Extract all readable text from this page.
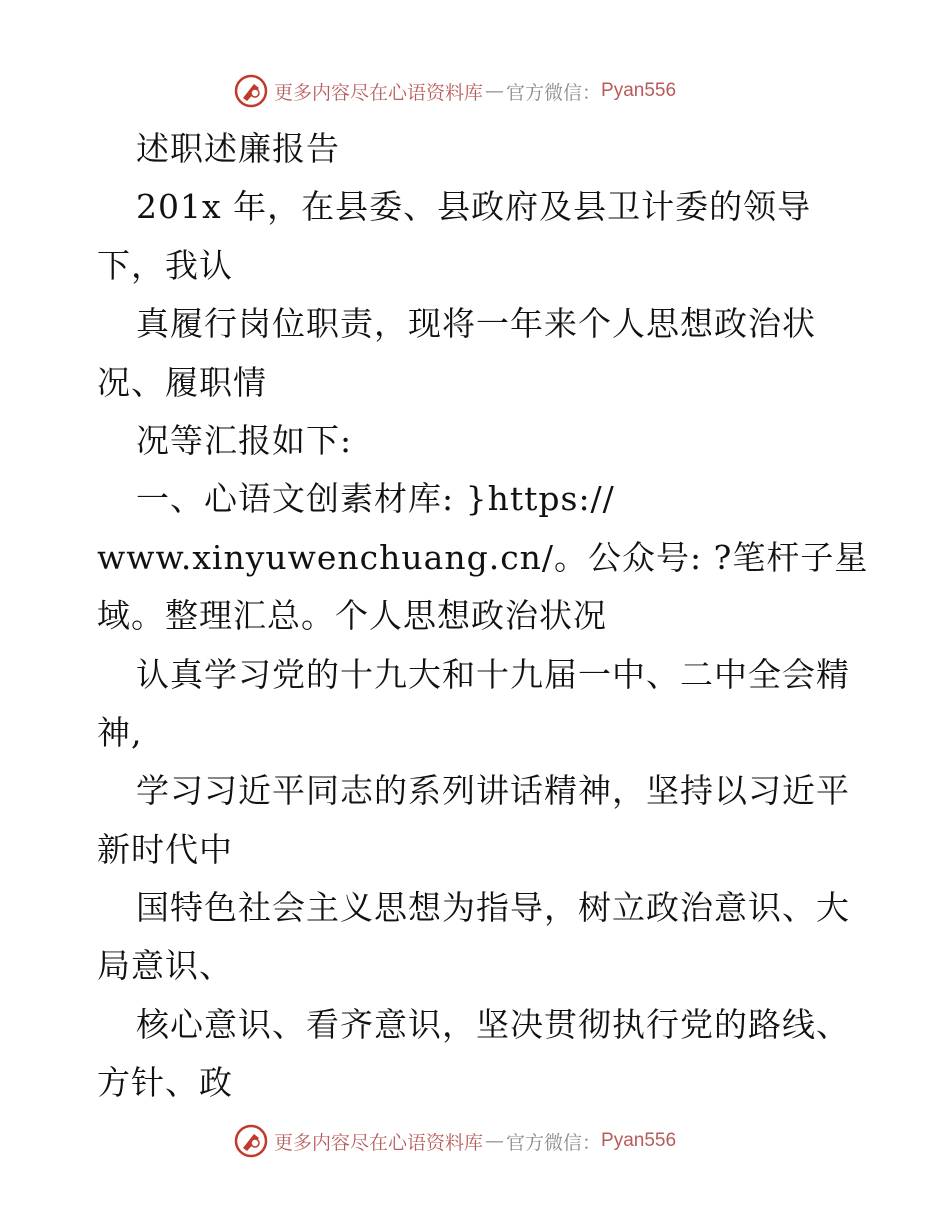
更多内容尽在心语资料库 — 官方微信： Pyan556
述职述廉报告
201x 年，在县委、县政府及县卫计委的领导
下，我认
真履行岗位职责，现将一年来个人思想政治状
况、履职情
况等汇报如下:
一、心语文创素材库: }https://
www.xinyuwenchuang.cn/。公众号: ?笔杆子星
域。整理汇总。个人思想政治状况
认真学习党的十九大和十九届一中、二中全会精
神,
学习习近平同志的系列讲话精神，坚持以习近平
新时代中
国特色社会主义思想为指导，树立政治意识、大
局意识、
核心意识、看齐意识，坚决贯彻执行党的路线、
方针、政
更多内容尽在心语资料库 — 官方微信： Pyan556
